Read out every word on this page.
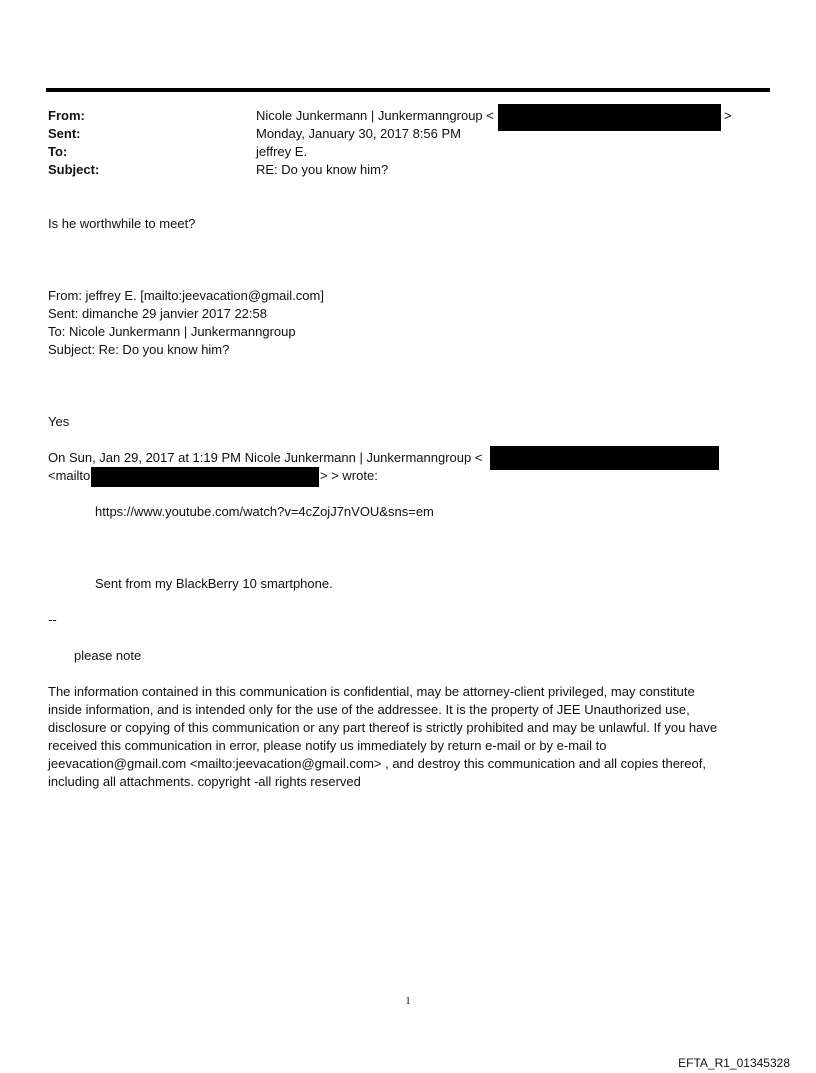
From:	Nicole Junkermann | Junkermanngroup <	>
Sent:	Monday, January 30, 2017 8:56 PM
To:	jeffrey E.
Subject:	RE: Do you know him?
Is he worthwhile to meet?
From: jeffrey E. [mailto:jeevacation@gmail.com]
Sent: dimanche 29 janvier 2017 22:58
To: Nicole Junkermann | Junkermanngroup
Subject: Re: Do you know him?
Yes
On Sun, Jan 29, 2017 at 1:19 PM Nicole Junkermann | Junkermanngroup <
<mailto	> > wrote:
https://www.youtube.com/watch?v=4cZojJ7nVOU&sns=em
Sent from my BlackBerry 10 smartphone.
--
please note
The information contained in this communication is confidential, may be attorney-client privileged, may constitute
inside information, and is intended only for the use of the addressee. It is the property of JEE Unauthorized use,
disclosure or copying of this communication or any part thereof is strictly prohibited and may be unlawful. If you have
received this communication in error, please notify us immediately by return e-mail or by e-mail to
jeevacation@gmail.com <mailto:jeevacation@gmail.com> , and destroy this communication and all copies thereof,
including all attachments. copyright -all rights reserved
1
EFTA_R1_01345328
